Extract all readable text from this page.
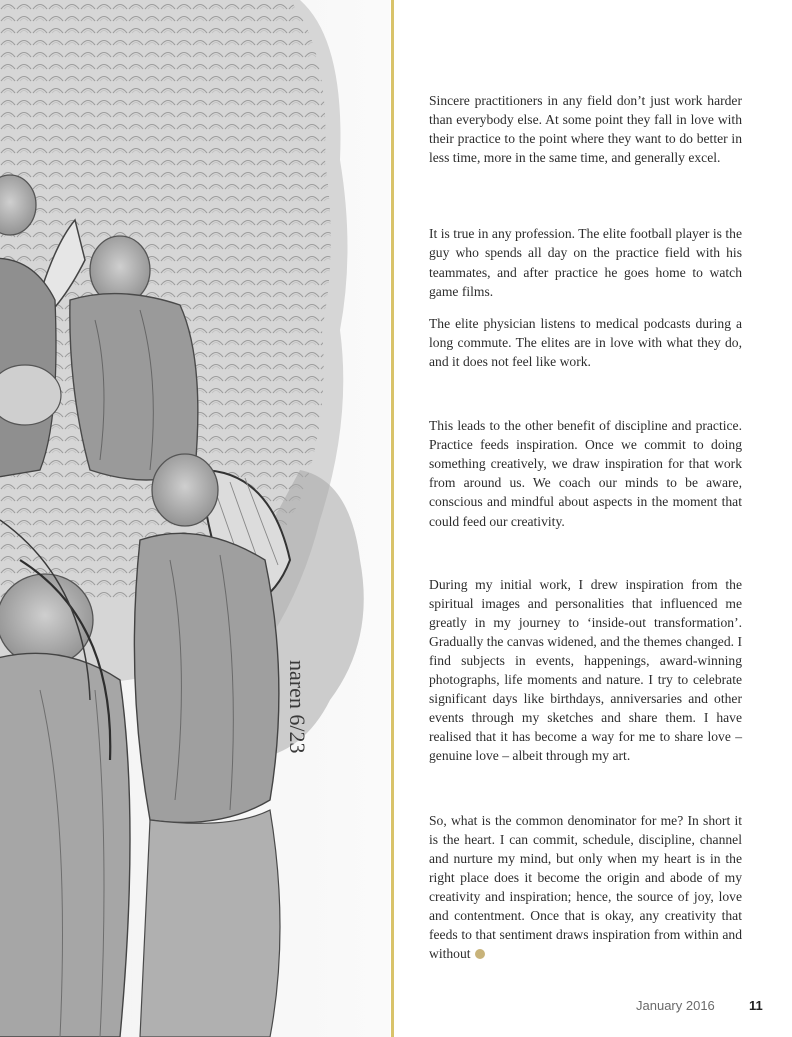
naren 6/23

Sincere practitioners in any field don’t just work harder than everybody else. At some point they fall in love with their practice to the point where they want to do better in less time, more in the same time, and generally excel.

It is true in any profession. The elite football player is the guy who spends all day on the practice field with his teammates, and after practice he goes home to watch game films.

The elite physician listens to medical podcasts during a long commute. The elites are in love with what they do, and it does not feel like work.

This leads to the other benefit of discipline and practice. Practice feeds inspiration. Once we commit to doing something creatively, we draw inspiration for that work from around us. We coach our minds to be aware, conscious and mindful about aspects in the moment that could feed our creativity.

During my initial work, I drew inspiration from the spiritual images and personalities that influenced me greatly in my journey to ‘inside-out transformation’. Gradually the canvas widened, and the themes changed. I find subjects in events, happenings, award-winning photographs, life moments and nature. I try to celebrate significant days like birthdays, anniversaries and other events through my sketches and share them. I have realised that it has become a way for me to share love – genuine love – albeit through my art.

So, what is the common denominator for me? In short it is the heart. I can commit, schedule, discipline, channel and nurture my mind, but only when my heart is in the right place does it become the origin and abode of my creativity and inspiration; hence, the source of joy, love and contentment. Once that is okay, any creativity that feeds to that sentiment draws inspiration from within and without

January 2016	11
